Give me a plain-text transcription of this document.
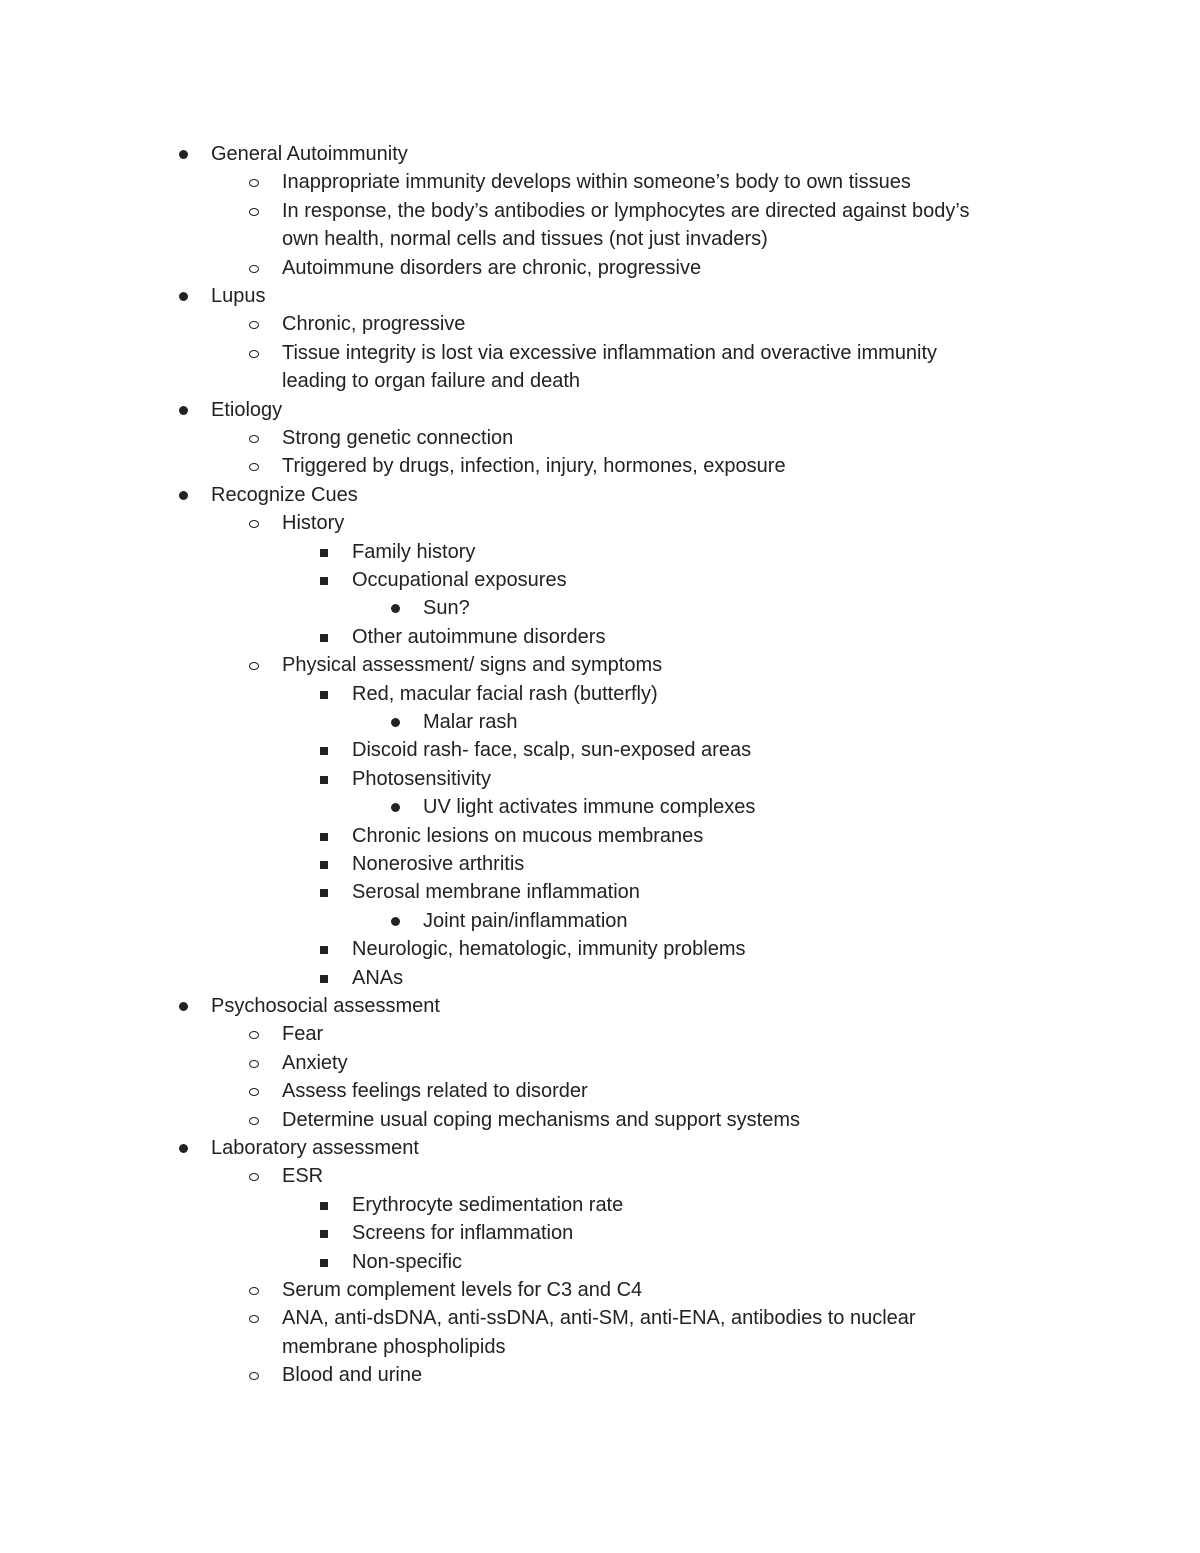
General Autoimmunity
Inappropriate immunity develops within someone’s body to own tissues
In response, the body’s antibodies or lymphocytes are directed against body’s
own health, normal cells and tissues (not just invaders)
Autoimmune disorders are chronic, progressive
Lupus
Chronic, progressive
Tissue integrity is lost via excessive inflammation and overactive immunity
leading to organ failure and death
Etiology
Strong genetic connection
Triggered by drugs, infection, injury, hormones, exposure
Recognize Cues
History
Family history
Occupational exposures
Sun?
Other autoimmune disorders
Physical assessment/ signs and symptoms
Red, macular facial rash (butterfly)
Malar rash
Discoid rash- face, scalp, sun-exposed areas
Photosensitivity
UV light activates immune complexes
Chronic lesions on mucous membranes
Nonerosive arthritis
Serosal membrane inflammation
Joint pain/inflammation
Neurologic, hematologic, immunity problems
ANAs
Psychosocial assessment
Fear
Anxiety
Assess feelings related to disorder
Determine usual coping mechanisms and support systems
Laboratory assessment
ESR
Erythrocyte sedimentation rate
Screens for inflammation
Non-specific
Serum complement levels for C3 and C4
ANA, anti-dsDNA, anti-ssDNA, anti-SM, anti-ENA, antibodies to nuclear
membrane phospholipids
Blood and urine
